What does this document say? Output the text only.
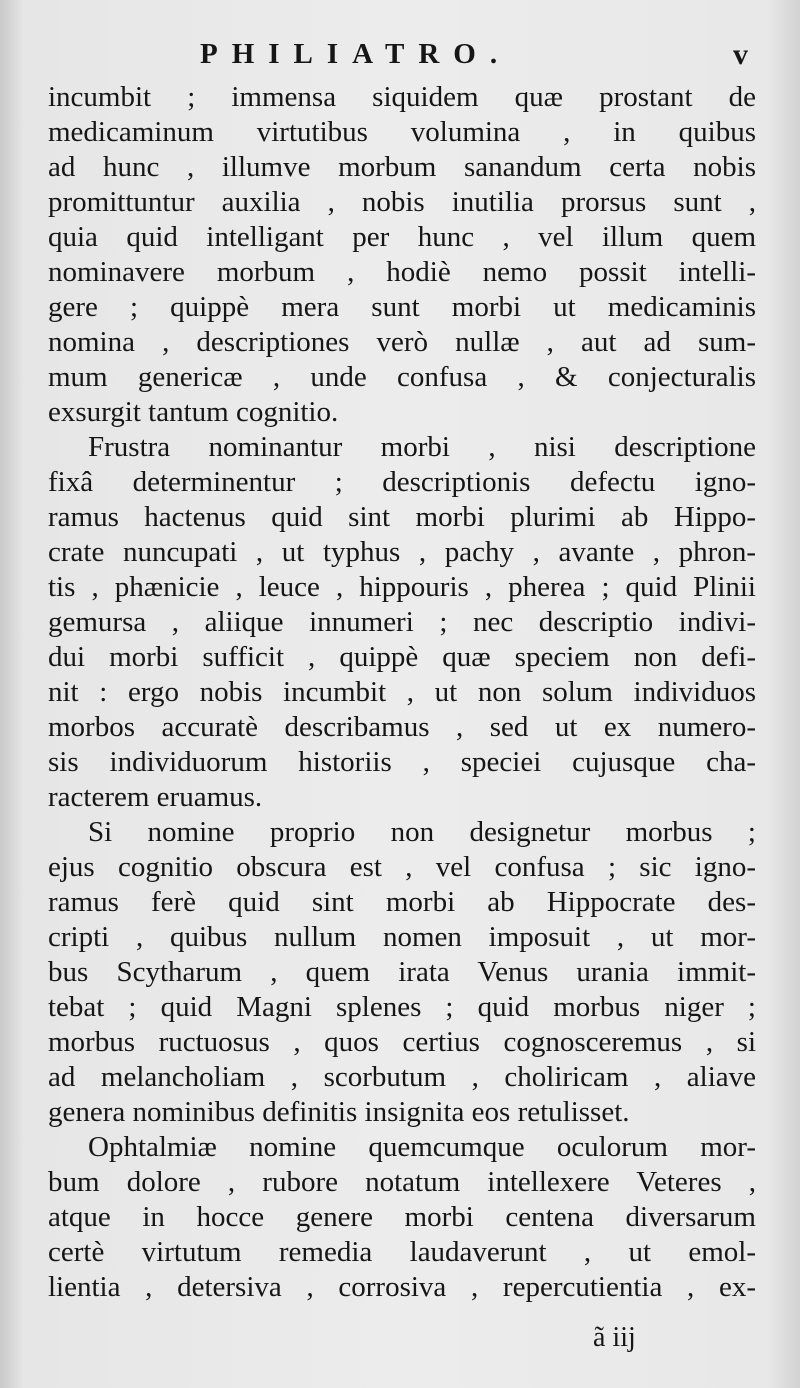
PHILIATRO.	v
incumbit ; immensa siquidem quæ prostant de
medicaminum virtutibus volumina , in quibus
ad hunc , illumve morbum sanandum certa nobis
promittuntur auxilia , nobis inutilia prorsus sunt ,
quia quid intelligant per hunc , vel illum quem
nominavere morbum , hodiè nemo possit intelli-
gere ; quippè mera sunt morbi ut medicaminis
nomina , descriptiones verò nullæ , aut ad sum-
mum genericæ , unde confusa , & conjecturalis
exsurgit tantum cognitio.
Frustra nominantur morbi , nisi descriptione
fixâ determinentur ; descriptionis defectu igno-
ramus hactenus quid sint morbi plurimi ab Hippo-
crate nuncupati , ut typhus , pachy , avante , phron-
tis , phænicie , leuce , hippouris , pherea ; quid Plinii
gemursa , aliique innumeri ; nec descriptio indivi-
dui morbi sufficit , quippè quæ speciem non defi-
nit : ergo nobis incumbit , ut non solum individuos
morbos accuratè describamus , sed ut ex numero-
sis individuorum historiis , speciei cujusque cha-
racterem eruamus.
Si nomine proprio non designetur morbus ;
ejus cognitio obscura est , vel confusa ; sic igno-
ramus ferè quid sint morbi ab Hippocrate des-
cripti , quibus nullum nomen imposuit , ut mor-
bus Scytharum , quem irata Venus urania immit-
tebat ; quid Magni splenes ; quid morbus niger ;
morbus ructuosus , quos certius cognosceremus , si
ad melancholiam , scorbutum , choliricam , aliave
genera nominibus definitis insignita eos retulisset.
Ophtalmiæ nomine quemcumque oculorum mor-
bum dolore , rubore notatum intellexere Veteres ,
atque in hocce genere morbi centena diversarum
certè virtutum remedia laudaverunt , ut emol-
lientia , detersiva , corrosiva , repercutientia , ex-
ã iij
